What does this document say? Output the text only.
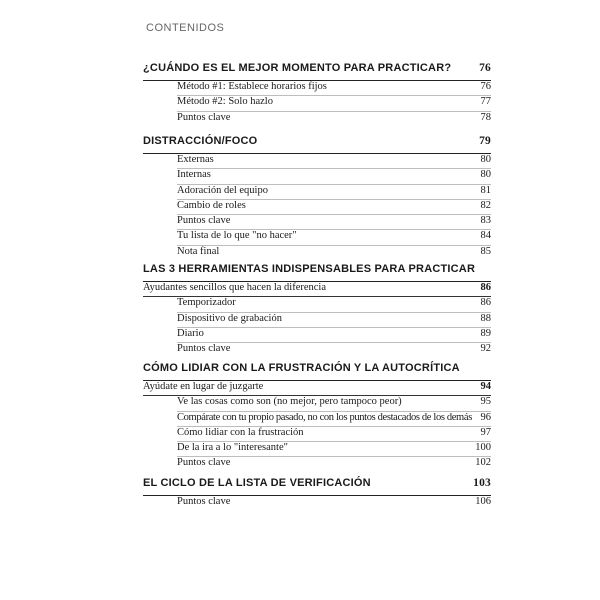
CONTENIDOS
¿CUÁNDO ES EL MEJOR MOMENTO PARA PRACTICAR? 76
Método #1: Establece horarios fijos	76
Método #2: Solo hazlo	77
Puntos clave	78
DISTRACCIÓN/FOCO	79
Externas	80
Internas	80
Adoración del equipo	81
Cambio de roles	82
Puntos clave	83
Tu lista de lo que "no hacer"	84
Nota final	85
LAS 3 HERRAMIENTAS INDISPENSABLES PARA PRACTICAR
Ayudantes sencillos que hacen la diferencia	86
Temporizador	86
Dispositivo de grabación	88
Diario	89
Puntos clave	92
CÓMO LIDIAR CON LA FRUSTRACIÓN Y LA AUTOCRÍTICA
Ayúdate en lugar de juzgarte	94
Ve las cosas como son (no mejor, pero tampoco peor)	95
Compárate con tu propio pasado, no con los puntos destacados de los demás 96
Cómo lidiar con la frustración	97
De la ira a lo "interesante"	100
Puntos clave	102
EL CICLO DE LA LISTA DE VERIFICACIÓN	103
Puntos clave	106
